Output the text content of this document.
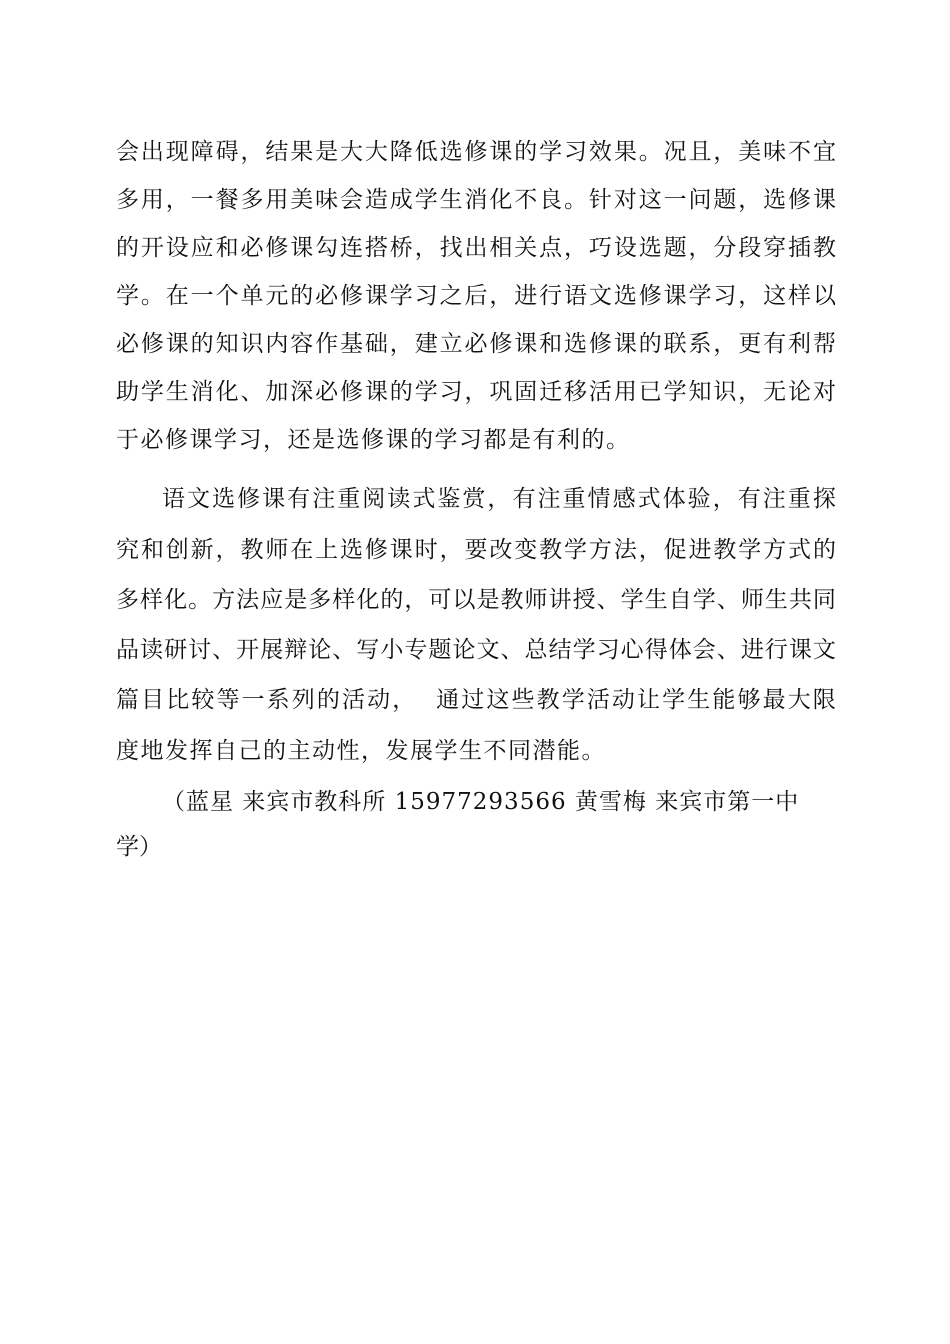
会 出 现 障 碍 ， 结 果 是 大 大 降 低 选 修 课 的 学 习 效 果 。 况 且 ， 美 味 不 宜
多 用 ， 一 餐 多 用 美 味 会 造 成 学 生 消 化 不 良 。 针 对 这 一 问 题 ， 选 修 课
的 开 设 应 和 必 修 课 勾 连 搭 桥 ， 找 出 相 关 点 ， 巧 设 选 题 ， 分 段 穿 插 教
学 。 在 一 个 单 元 的 必 修 课 学 习 之 后 ， 进 行 语 文 选 修 课 学 习 ， 这 样 以
必 修 课 的 知 识 内 容 作 基 础 ， 建 立 必 修 课 和 选 修 课 的 联 系 ， 更 有 利 帮
助 学 生 消 化 、 加 深 必 修 课 的 学 习 ， 巩 固 迁 移 活 用 已 学 知 识 ， 无 论 对
于必修课学习，还是选修课的学习都是有利的。
语 文 选 修 课 有 注 重 阅 读 式 鉴 赏 ， 有 注 重 情 感 式 体 验 ， 有 注 重 探
究 和 创 新 ， 教 师 在 上 选 修 课 时 ， 要 改 变 教 学 方 法 ， 促 进 教 学 方 式 的
多 样 化 。 方 法 应 是 多 样 化 的 ， 可 以 是 教 师 讲 授 、 学 生 自 学 、 师 生 共 同
品 读 研 讨 、 开 展 辩 论 、 写 小 专 题 论 文 、 总 结 学 习 心 得 体 会 、 进 行 课 文
篇 目 比 较 等 一 系 列 的 活 动 ，

通 过 这 些 教 学 活 动 让 学 生 能 够 最 大 限
度地发挥自己的主动性，发展学生不同潜能。
（蓝星 来宾市教科所 15977293566 黄雪梅 来宾市第一中
学）
